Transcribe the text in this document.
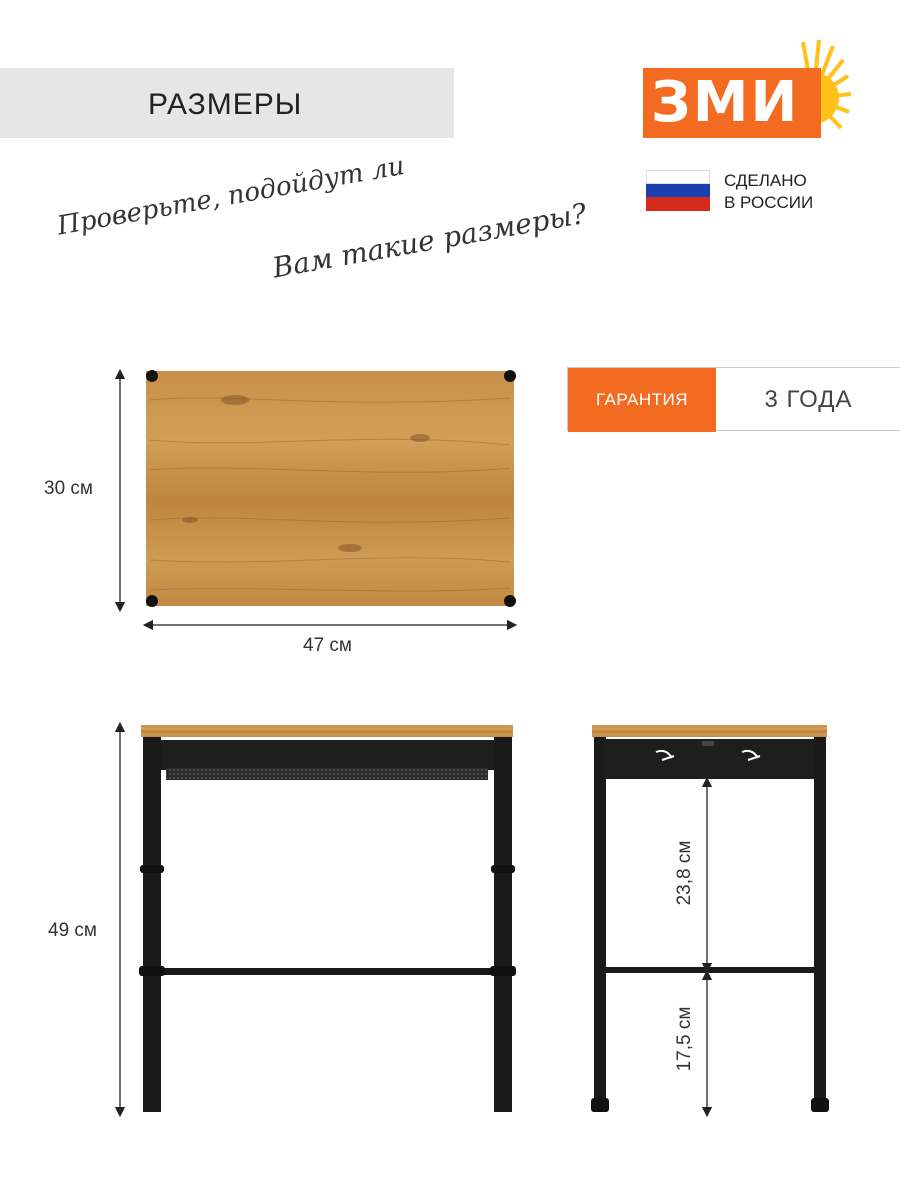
РАЗМЕРЫ	ЗМИ
СДЕЛАНО
В РОССИИ
Проверьте, подойдут ли
Вам такие размеры?
ГАРАНТИЯ	3 ГОДА
30 см
47 см
49 см
23,8 см
17,5 см
